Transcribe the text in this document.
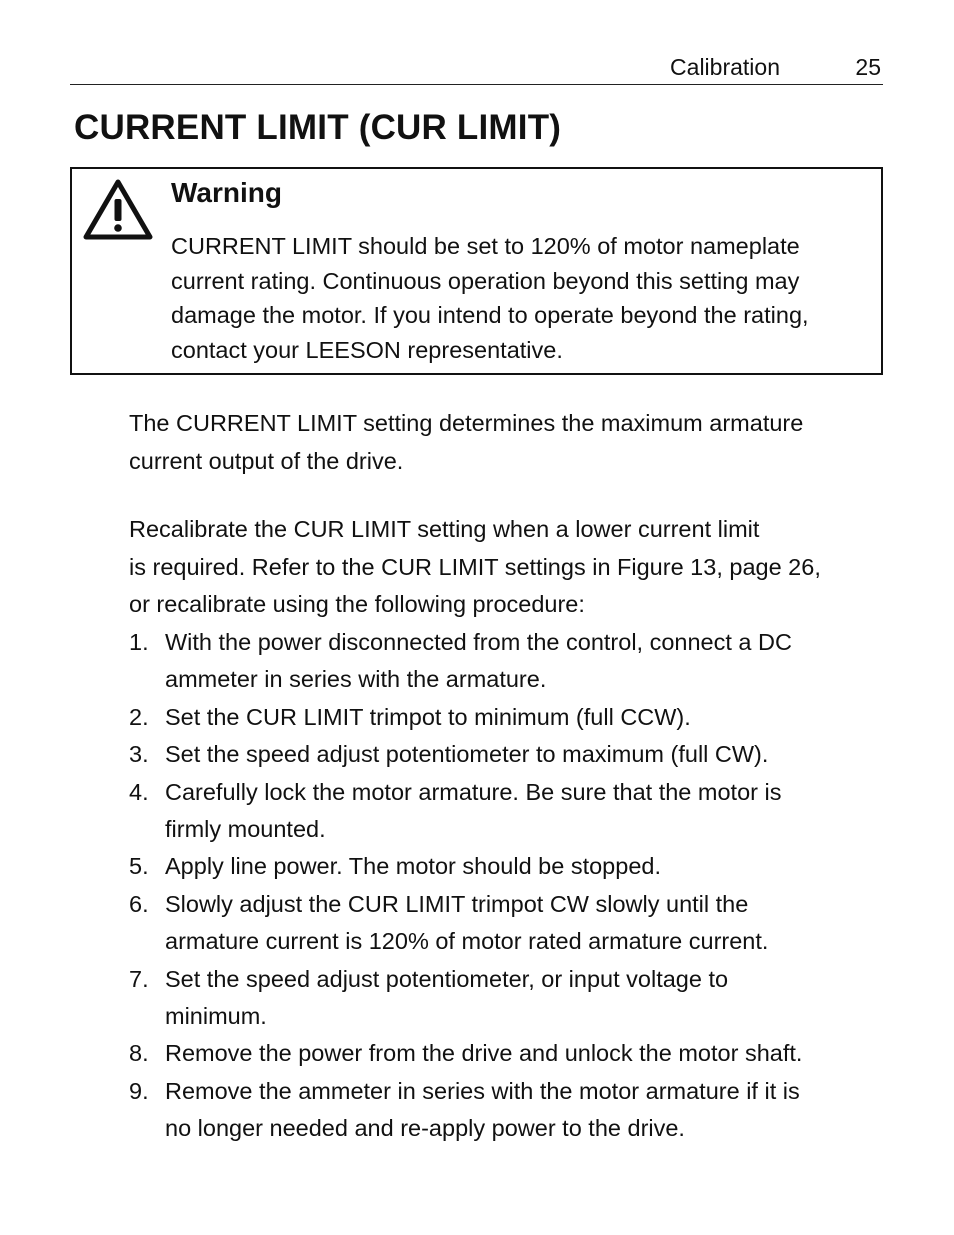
Calibration	25
CURRENT LIMIT (CUR LIMIT)
Warning
CURRENT LIMIT should be set to 120% of motor nameplate
current rating. Continuous operation beyond this setting may
damage the motor. If you intend to operate beyond the rating,
contact your LEESON representative.
The CURRENT LIMIT setting determines the maximum armature
current output of the drive.
Recalibrate the CUR LIMIT setting when a lower current limit
is required. Refer to the CUR LIMIT settings in Figure 13, page 26,
or recalibrate using the following procedure:
1. With the power disconnected from the control, connect a DC
ammeter in series with the armature.
2. Set the CUR LIMIT trimpot to minimum (full CCW).
3. Set the speed adjust potentiometer to maximum (full CW).
4. Carefully lock the motor armature. Be sure that the motor is
firmly mounted.
5. Apply line power. The motor should be stopped.
6. Slowly adjust the CUR LIMIT trimpot CW slowly until the
armature current is 120% of motor rated armature current.
7. Set the speed adjust potentiometer, or input voltage to
minimum.
8. Remove the power from the drive and unlock the motor shaft.
9. Remove the ammeter in series with the motor armature if it is
no longer needed and re-apply power to the drive.
